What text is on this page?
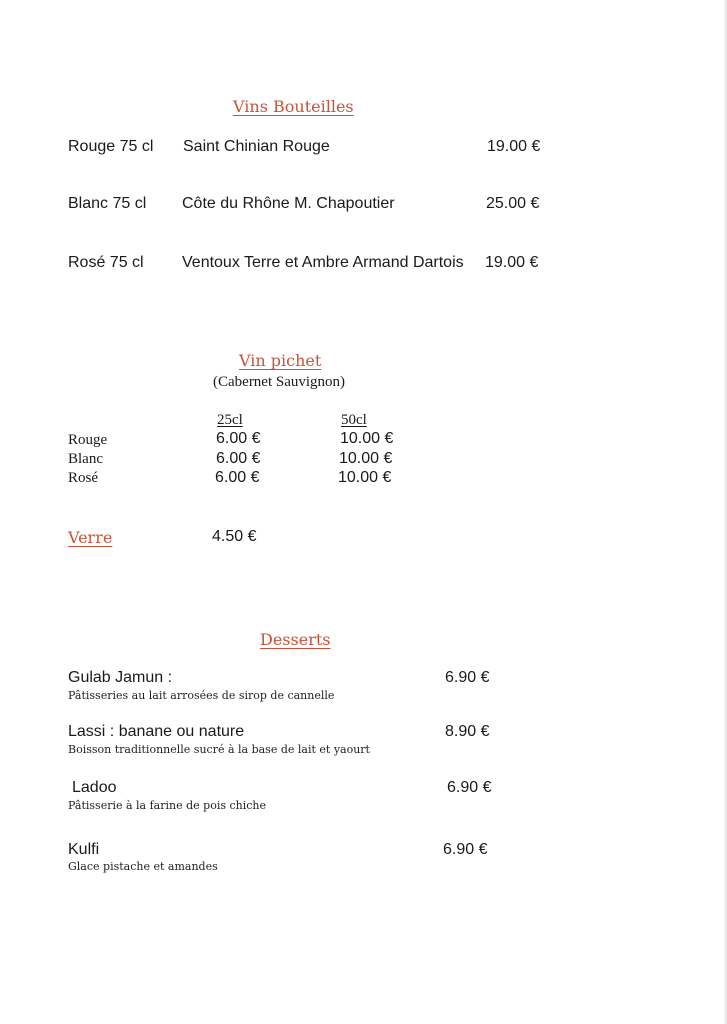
Vins Bouteilles
Rouge 75 cl Saint Chinian Rouge	19.00 €
Blanc 75 cl Côte du Rhône M. Chapoutier	25.00 €
Rosé 75 cl Ventoux Terre et Ambre Armand Dartois 19.00 €
Vin pichet
(Cabernet Sauvignon)
25cl	50cl
Rouge	6.00 €	10.00 €
Blanc	6.00 €	10.00 €
Rosé	6.00 €	10.00 €
Verre	4.50 €
Desserts
Gulab Jamun :
Pâtisseries au lait arrosées de sirop de cannelle
6.90 €
Lassi : banane ou nature
Boisson traditionnelle sucré à la base de lait et yaourt
8.90 €
Ladoo
Pâtisserie à la farine de pois chiche
6.90 €
Kulfi
Glace pistache et amandes
6.90 €
